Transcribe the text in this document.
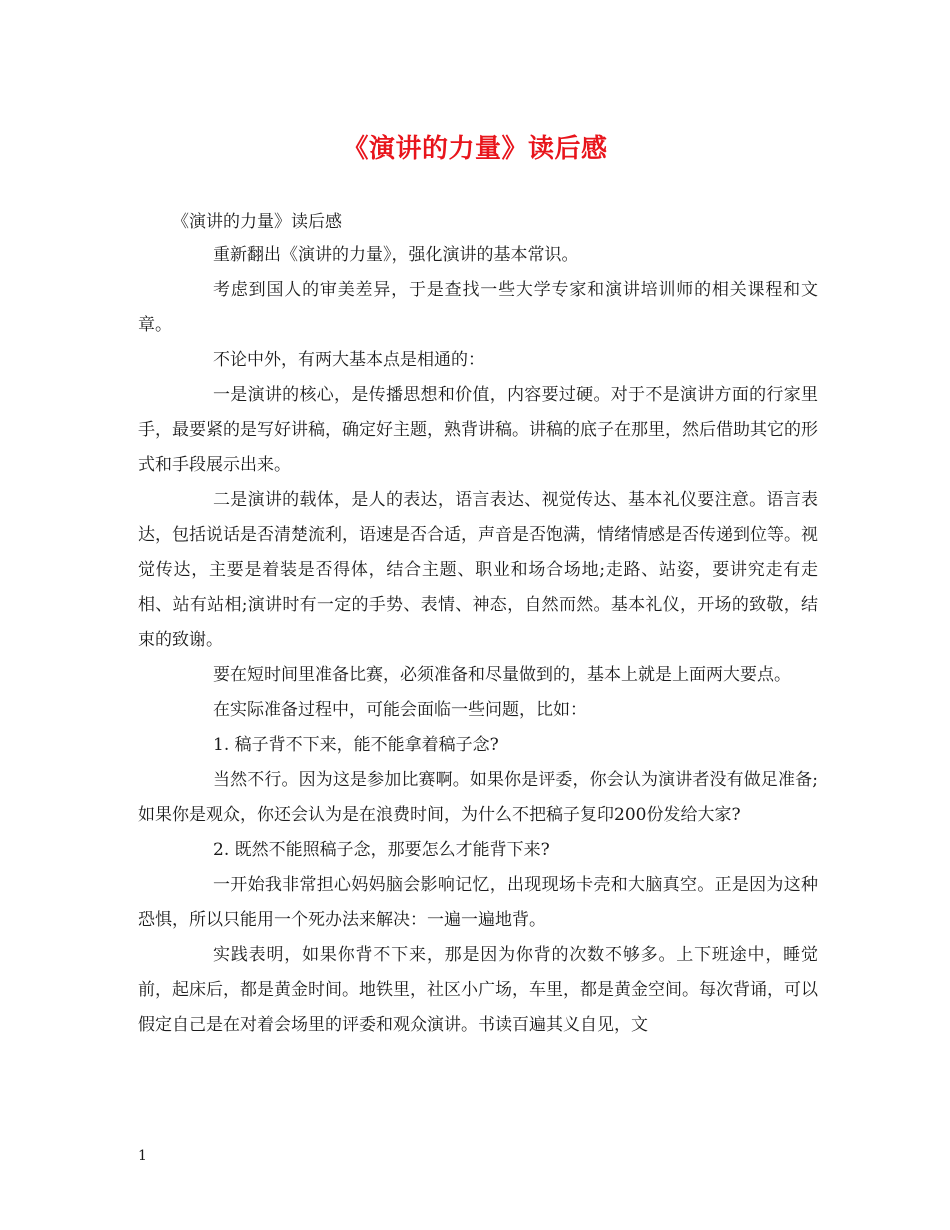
《演讲的力量》读后感
《演讲的力量》读后感

重新翻出《演讲的力量》，强化演讲的基本常识。

考虑到国人的审美差异，于是查找一些大学专家和演讲培训师的相关课程和文章。

不论中外，有两大基本点是相通的：

一是演讲的核心，是传播思想和价值，内容要过硬。对于不是演讲方面的行家里手，最要紧的是写好讲稿，确定好主题，熟背讲稿。讲稿的底子在那里，然后借助其它的形式和手段展示出来。

二是演讲的载体，是人的表达，语言表达、视觉传达、基本礼仪要注意。语言表达，包括说话是否清楚流利，语速是否合适，声音是否饱满，情绪情感是否传递到位等。视觉传达，主要是着装是否得体，结合主题、职业和场合场地;走路、站姿，要讲究走有走相、站有站相;演讲时有一定的手势、表情、神态，自然而然。基本礼仪，开场的致敬，结束的致谢。

要在短时间里准备比赛，必须准备和尽量做到的，基本上就是上面两大要点。

在实际准备过程中，可能会面临一些问题，比如：

1. 稿子背不下来，能不能拿着稿子念?

当然不行。因为这是参加比赛啊。如果你是评委，你会认为演讲者没有做足准备;如果你是观众，你还会认为是在浪费时间，为什么不把稿子复印200份发给大家?

2. 既然不能照稿子念，那要怎么才能背下来?

一开始我非常担心妈妈脑会影响记忆，出现现场卡壳和大脑真空。正是因为这种恐惧，所以只能用一个死办法来解决：一遍一遍地背。

实践表明，如果你背不下来，那是因为你背的次数不够多。上下班途中，睡觉前，起床后，都是黄金时间。地铁里，社区小广场，车里，都是黄金空间。每次背诵，可以假定自己是在对着会场里的评委和观众演讲。书读百遍其义自见，文

1
